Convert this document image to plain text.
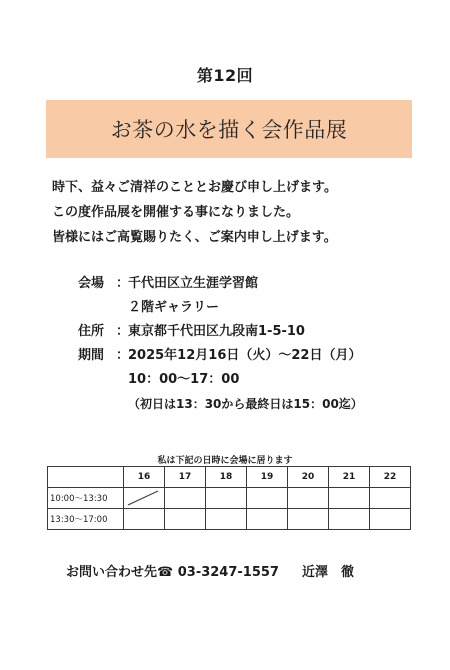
第12回
お茶の水を描く会作品展
時下、益々ご清祥のこととお慶び申し上げます。
この度作品展を開催する事になりました。
皆様にはご高覧賜りたく、ご案内申し上げます。
会場 ：
千代田区立生涯学習館
２階ギャラリー
住所 ：
東京都千代田区九段南1-5-10
期間 ：
2025年12月16日（火）～22日（月）
10：00～17：00
（初日は13：30から最終日は15：00迄）
私は下記の日時に会場に居ります
	16	17	18	19	20	21	22
10:00～13:30	

13:30～17:00							
お問い合わせ先☎ 03-3247-1557 近澤　徹
